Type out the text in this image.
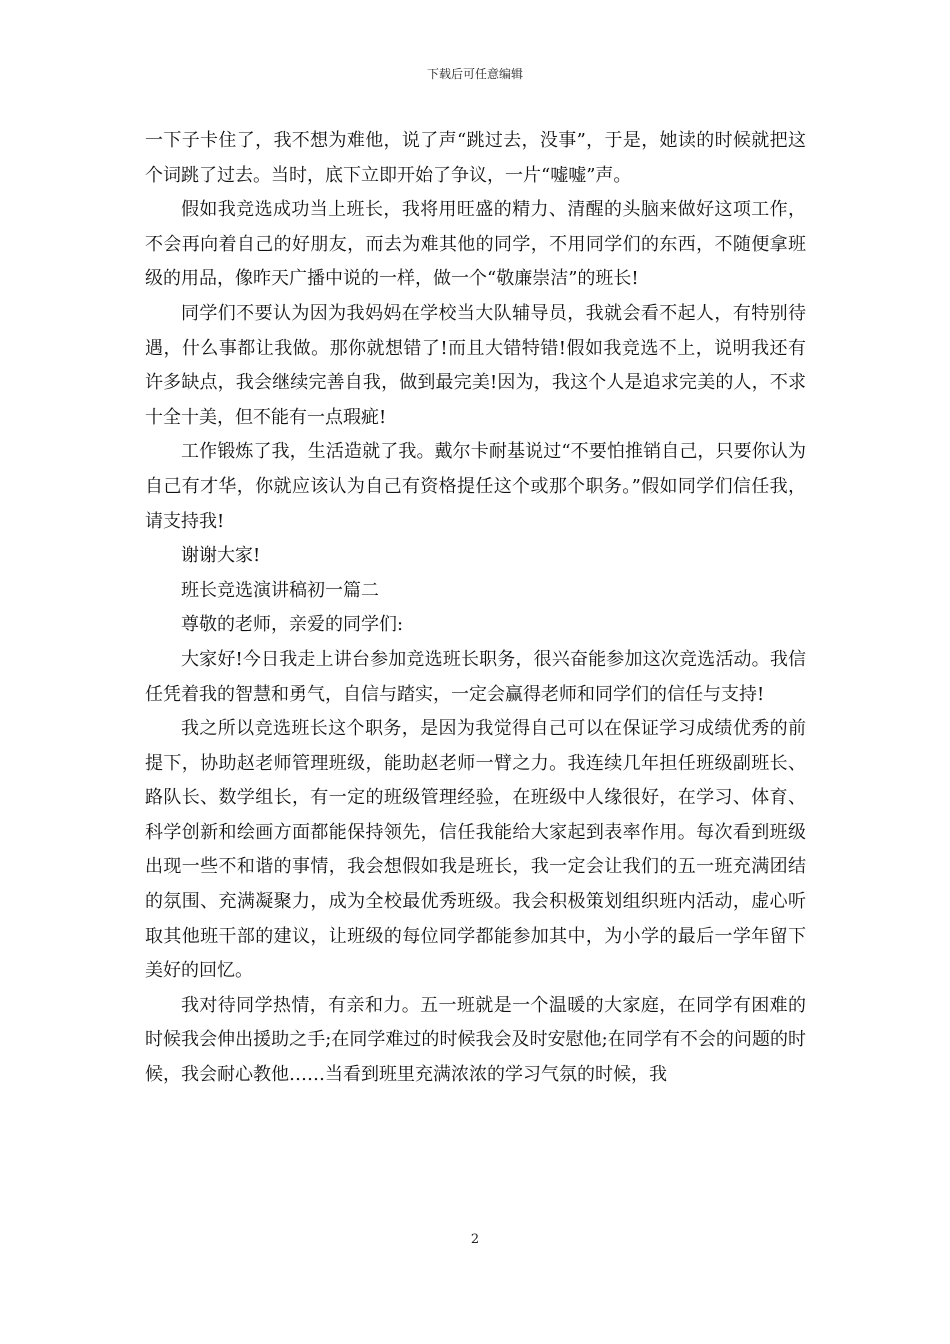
下载后可任意编辑

一下子卡住了，我不想为难他，说了声“跳过去，没事”，于是，她读的时候就把这个词跳了过去。当时，底下立即开始了争议，一片“嘘嘘”声。

假如我竞选成功当上班长，我将用旺盛的精力、清醒的头脑来做好这项工作，不会再向着自己的好朋友，而去为难其他的同学，不用同学们的东西，不随便拿班级的用品，像昨天广播中说的一样，做一个“敬廉崇洁”的班长!

同学们不要认为因为我妈妈在学校当大队辅导员，我就会看不起人，有特别待遇，什么事都让我做。那你就想错了!而且大错特错!假如我竞选不上，说明我还有许多缺点，我会继续完善自我，做到最完美!因为，我这个人是追求完美的人，不求十全十美，但不能有一点瑕疵!

工作锻炼了我，生活造就了我。戴尔卡耐基说过“不要怕推销自己，只要你认为自己有才华，你就应该认为自己有资格提任这个或那个职务。”假如同学们信任我，请支持我!

谢谢大家!

班长竞选演讲稿初一篇二

尊敬的老师，亲爱的同学们:

大家好!今日我走上讲台参加竞选班长职务，很兴奋能参加这次竞选活动。我信任凭着我的智慧和勇气，自信与踏实，一定会赢得老师和同学们的信任与支持!

我之所以竞选班长这个职务，是因为我觉得自己可以在保证学习成绩优秀的前提下，协助赵老师管理班级，能助赵老师一臂之力。我连续几年担任班级副班长、路队长、数学组长，有一定的班级管理经验，在班级中人缘很好，在学习、体育、科学创新和绘画方面都能保持领先，信任我能给大家起到表率作用。每次看到班级出现一些不和谐的事情，我会想假如我是班长，我一定会让我们的五一班充满团结的氛围、充满凝聚力，成为全校最优秀班级。我会积极策划组织班内活动，虚心听取其他班干部的建议，让班级的每位同学都能参加其中，为小学的最后一学年留下美好的回忆。

我对待同学热情，有亲和力。五一班就是一个温暖的大家庭，在同学有困难的时候我会伸出援助之手;在同学难过的时候我会及时安慰他;在同学有不会的问题的时候，我会耐心教他……当看到班里充满浓浓的学习气氛的时候，我

2
